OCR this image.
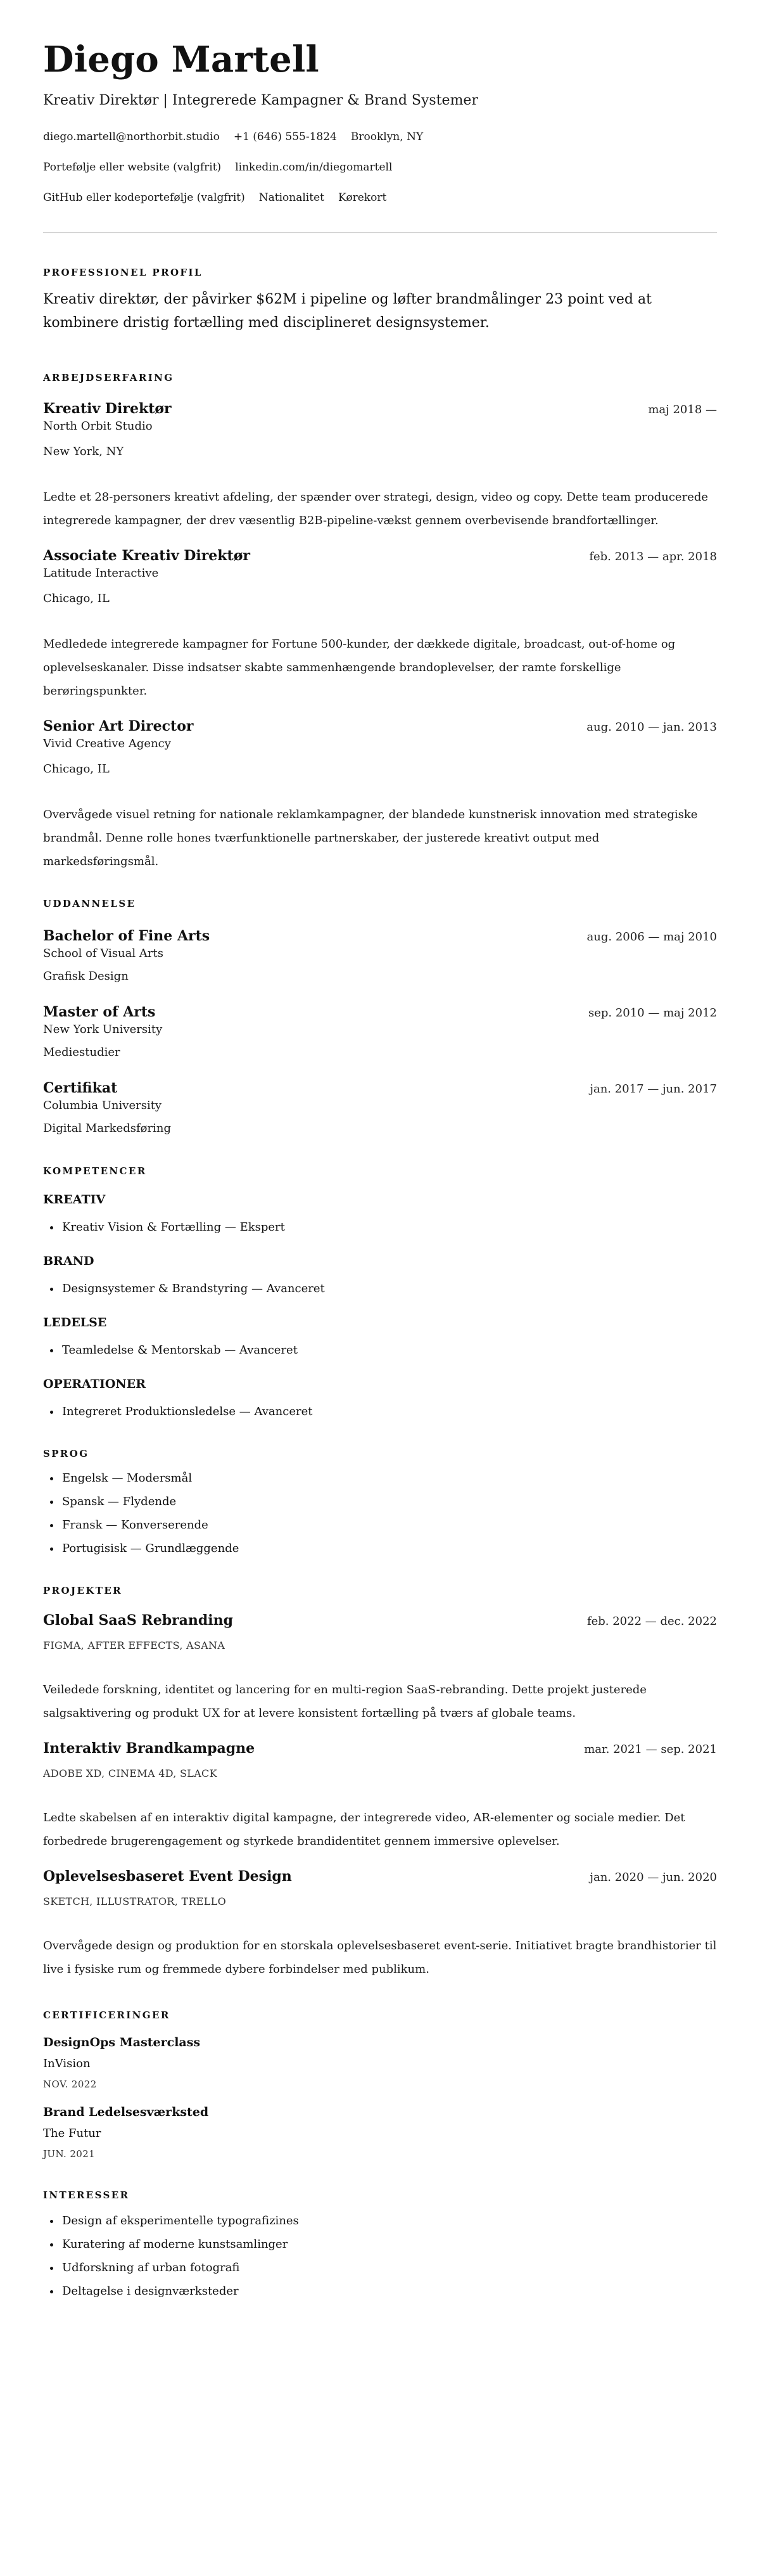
Diego Martell
Kreativ Direktør | Integrerede Kampagner & Brand Systemer
diego.martell@northorbit.studio +1 (646) 555-1824 Brooklyn, NY
Portefølje eller website (valgfrit) linkedin.com/in/diegomartell
GitHub eller kodeportefølje (valgfrit) Nationalitet Kørekort
PROFESSIONEL PROFIL

Kreativ direktør, der påvirker $62M i pipeline og løfter brandmålinger 23 point ved at kombinere dristig fortælling med disciplineret designsystemer.

ARBEJDSERFARING
Kreativ Direktør	maj 2018 —
North Orbit Studio
New York, NY

Ledte et 28-personers kreativt afdeling, der spænder over strategi, design, video og copy. Dette team producerede integrerede kampagner, der drev væsentlig B2B-pipeline-vækst gennem overbevisende brandfortællinger.

Associate Kreativ Direktør	feb. 2013 — apr. 2018
Latitude Interactive
Chicago, IL

Medledede integrerede kampagner for Fortune 500-kunder, der dækkede digitale, broadcast, out-of-home og oplevelseskanaler. Disse indsatser skabte sammenhængende brandoplevelser, der ramte forskellige berøringspunkter.

Senior Art Director	aug. 2010 — jan. 2013
Vivid Creative Agency
Chicago, IL

Overvågede visuel retning for nationale reklamkampagner, der blandede kunstnerisk innovation med strategiske brandmål. Denne rolle hones tværfunktionelle partnerskaber, der justerede kreativt output med markedsføringsmål.

UDDANNELSE
Bachelor of Fine Arts	aug. 2006 — maj 2010
School of Visual Arts
Grafisk Design
Master of Arts	sep. 2010 — maj 2012
New York University
Mediestudier
Certifikat	jan. 2017 — jun. 2017
Columbia University
Digital Markedsføring
KOMPETENCER
KREATIV
• Kreativ Vision & Fortælling — Ekspert
BRAND
• Designsystemer & Brandstyring — Avanceret
LEDELSE
• Teamledelse & Mentorskab — Avanceret
OPERATIONER
• Integreret Produktionsledelse — Avanceret
SPROG
• Engelsk — Modersmål
• Spansk — Flydende
• Fransk — Konverserende
• Portugisisk — Grundlæggende
PROJEKTER
Global SaaS Rebranding	feb. 2022 — dec. 2022
FIGMA, AFTER EFFECTS, ASANA

Veiledede forskning, identitet og lancering for en multi-region SaaS-rebranding. Dette projekt justerede salgsaktivering og produkt UX for at levere konsistent fortælling på tværs af globale teams.

Interaktiv Brandkampagne	mar. 2021 — sep. 2021
ADOBE XD, CINEMA 4D, SLACK

Ledte skabelsen af en interaktiv digital kampagne, der integrerede video, AR-elementer og sociale medier. Det forbedrede brugerengagement og styrkede brandidentitet gennem immersive oplevelser.

Oplevelsesbaseret Event Design	jan. 2020 — jun. 2020
SKETCH, ILLUSTRATOR, TRELLO

Overvågede design og produktion for en storskala oplevelsesbaseret event-serie. Initiativet bragte brandhistorier til live i fysiske rum og fremmede dybere forbindelser med publikum.

CERTIFICERINGER
DesignOps Masterclass
InVision
NOV. 2022
Brand Ledelsesværksted
The Futur
JUN. 2021
INTERESSER
• Design af eksperimentelle typografizines
• Kuratering af moderne kunstsamlinger
• Udforskning af urban fotografi
• Deltagelse i designværksteder
